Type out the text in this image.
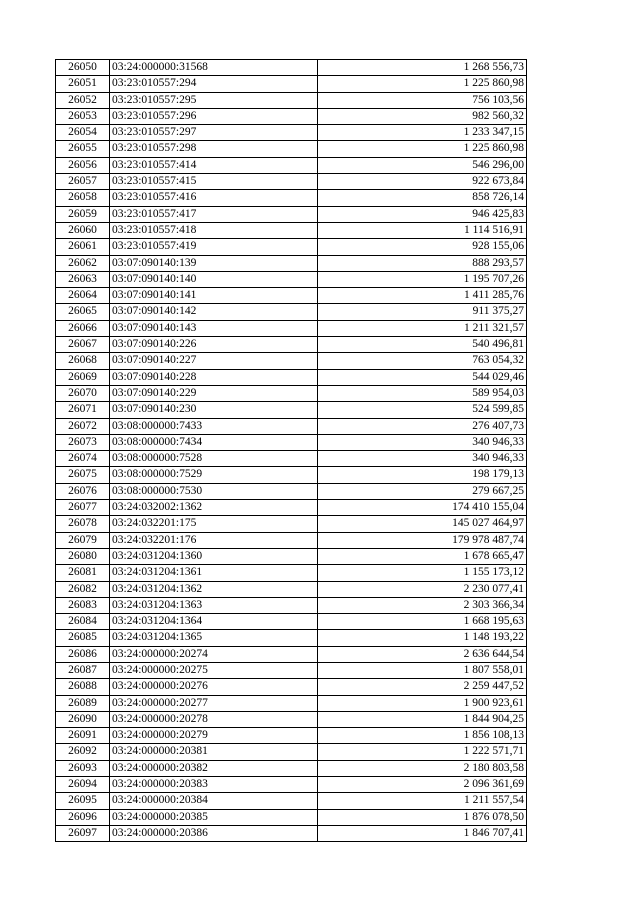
26050	03:24:000000:31568	1 268 556,73
26051	03:23:010557:294	1 225 860,98
26052	03:23:010557:295	756 103,56
26053	03:23:010557:296	982 560,32
26054	03:23:010557:297	1 233 347,15
26055	03:23:010557:298	1 225 860,98
26056	03:23:010557:414	546 296,00
26057	03:23:010557:415	922 673,84
26058	03:23:010557:416	858 726,14
26059	03:23:010557:417	946 425,83
26060	03:23:010557:418	1 114 516,91
26061	03:23:010557:419	928 155,06
26062	03:07:090140:139	888 293,57
26063	03:07:090140:140	1 195 707,26
26064	03:07:090140:141	1 411 285,76
26065	03:07:090140:142	911 375,27
26066	03:07:090140:143	1 211 321,57
26067	03:07:090140:226	540 496,81
26068	03:07:090140:227	763 054,32
26069	03:07:090140:228	544 029,46
26070	03:07:090140:229	589 954,03
26071	03:07:090140:230	524 599,85
26072	03:08:000000:7433	276 407,73
26073	03:08:000000:7434	340 946,33
26074	03:08:000000:7528	340 946,33
26075	03:08:000000:7529	198 179,13
26076	03:08:000000:7530	279 667,25
26077	03:24:032002:1362	174 410 155,04
26078	03:24:032201:175	145 027 464,97
26079	03:24:032201:176	179 978 487,74
26080	03:24:031204:1360	1 678 665,47
26081	03:24:031204:1361	1 155 173,12
26082	03:24:031204:1362	2 230 077,41
26083	03:24:031204:1363	2 303 366,34
26084	03:24:031204:1364	1 668 195,63
26085	03:24:031204:1365	1 148 193,22
26086	03:24:000000:20274	2 636 644,54
26087	03:24:000000:20275	1 807 558,01
26088	03:24:000000:20276	2 259 447,52
26089	03:24:000000:20277	1 900 923,61
26090	03:24:000000:20278	1 844 904,25
26091	03:24:000000:20279	1 856 108,13
26092	03:24:000000:20381	1 222 571,71
26093	03:24:000000:20382	2 180 803,58
26094	03:24:000000:20383	2 096 361,69
26095	03:24:000000:20384	1 211 557,54
26096	03:24:000000:20385	1 876 078,50
26097	03:24:000000:20386	1 846 707,41
